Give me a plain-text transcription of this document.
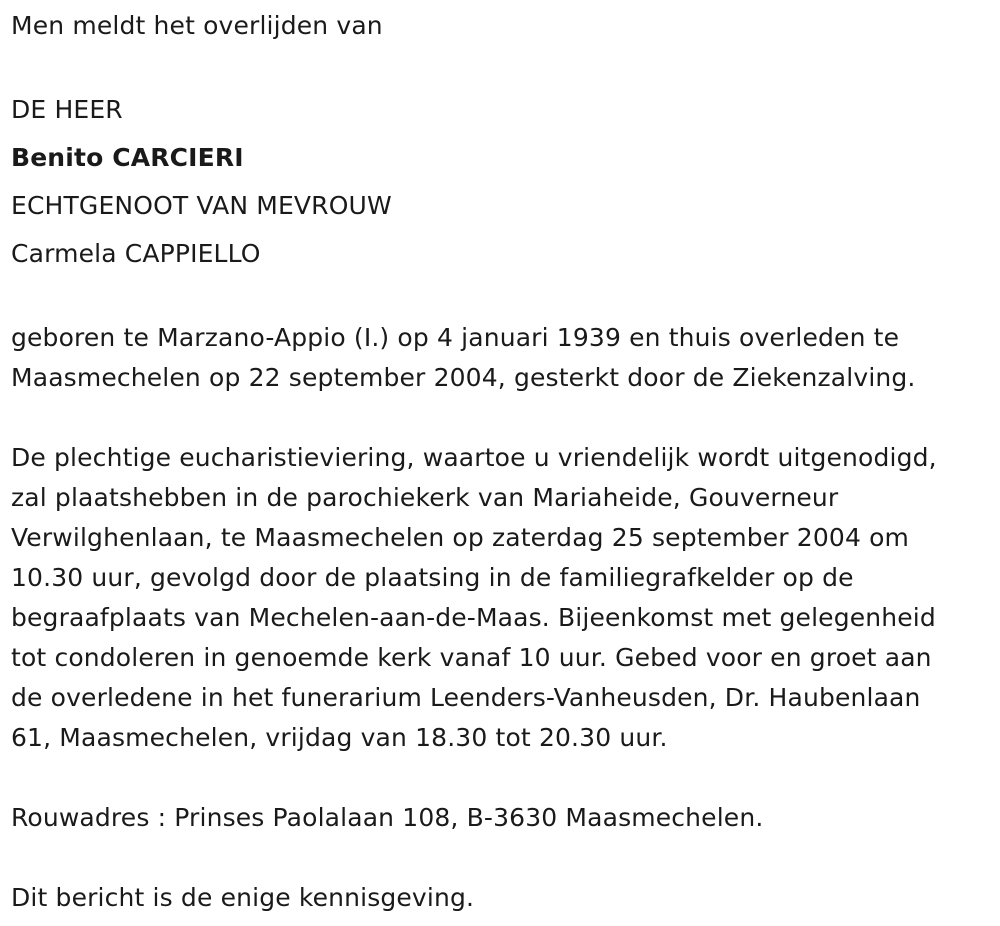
Men meldt het overlijden van
DE HEER
Benito CARCIERI
ECHTGENOOT VAN MEVROUW
Carmela CAPPIELLO
geboren te Marzano-Appio (I.) op 4 januari 1939 en thuis overleden te
Maasmechelen op 22 september 2004, gesterkt door de Ziekenzalving.
De plechtige eucharistieviering, waartoe u vriendelijk wordt uitgenodigd,
zal plaatshebben in de parochiekerk van Mariaheide, Gouverneur
Verwilghenlaan, te Maasmechelen op zaterdag 25 september 2004 om
10.30 uur, gevolgd door de plaatsing in de familiegrafkelder op de
begraafplaats van Mechelen-aan-de-Maas. Bijeenkomst met gelegenheid
tot condoleren in genoemde kerk vanaf 10 uur. Gebed voor en groet aan
de overledene in het funerarium Leenders-Vanheusden, Dr. Haubenlaan
61, Maasmechelen, vrijdag van 18.30 tot 20.30 uur.
Rouwadres : Prinses Paolalaan 108, B-3630 Maasmechelen.
Dit bericht is de enige kennisgeving.
